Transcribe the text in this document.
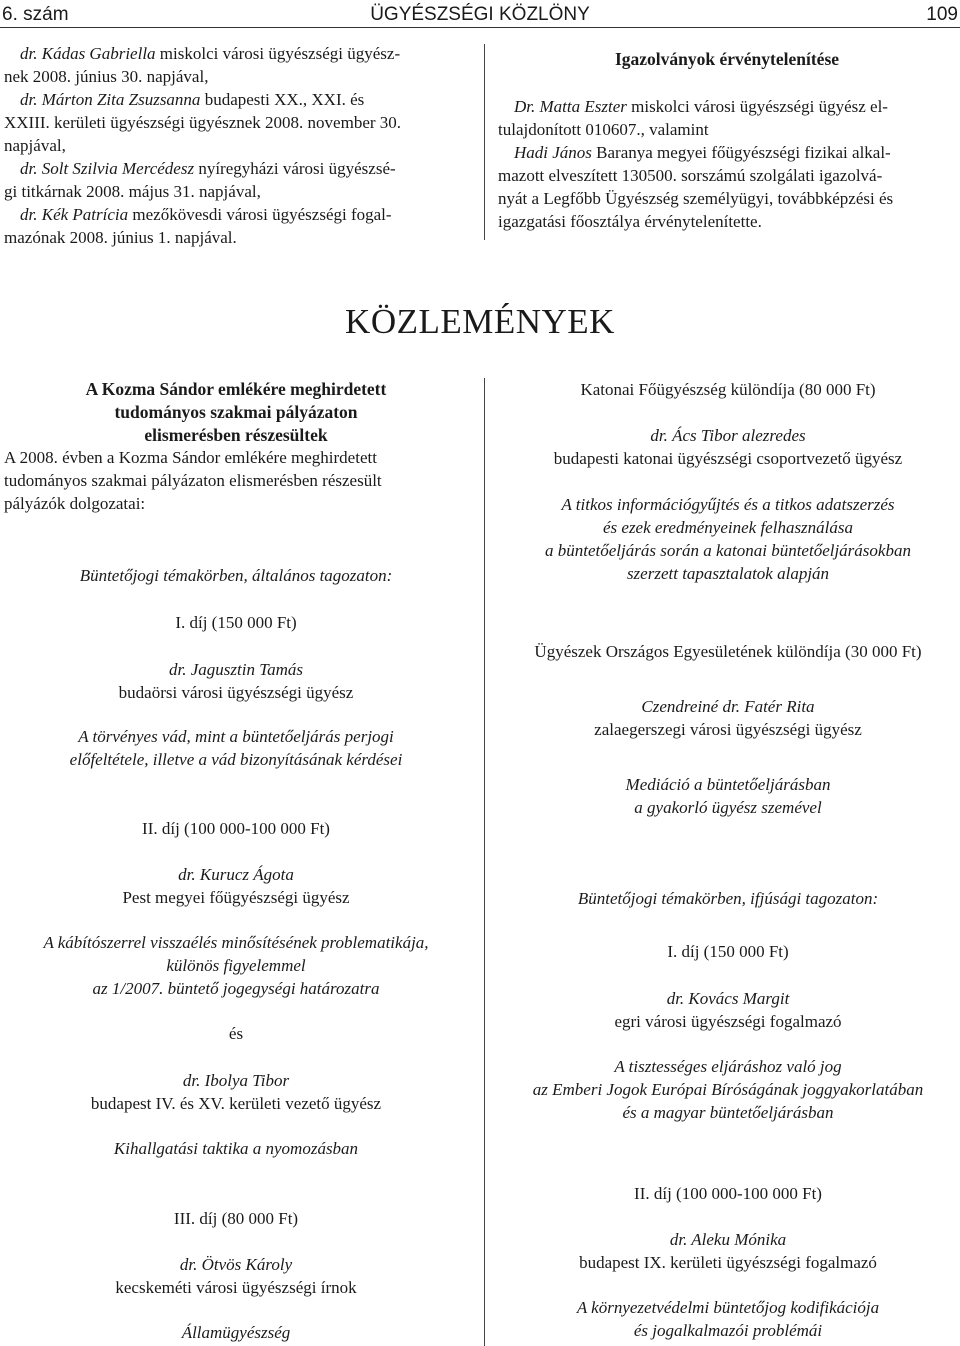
6. szám	ÜGYÉSZSÉGI KÖZLÖNY	109

dr. Kádas Gabriella miskolci városi ügyészségi ügyész-

nek 2008. június 30. napjával,

dr. Márton Zita Zsuzsanna budapesti XX., XXI. és

XXIII. kerületi ügyészségi ügyésznek 2008. november 30.

napjával,

dr. Solt Szilvia Mercédesz nyíregyházi városi ügyészsé-

gi titkárnak 2008. május 31. napjával,

dr. Kék Patrícia mezőkövesdi városi ügyészségi fogal-

mazónak 2008. június 1. napjával.

Igazolványok érvénytelenítése

Dr. Matta Eszter miskolci városi ügyészségi ügyész el-

tulajdonított 010607., valamint

Hadi János Baranya megyei főügyészségi fizikai alkal-

mazott elveszített 130500. sorszámú szolgálati igazolvá-

nyát a Legfőbb Ügyészség személyügyi, továbbképzési és

igazgatási főosztálya érvénytelenítette.

KÖZLEMÉNYEK

A Kozma Sándor emlékére meghirdetett

tudományos szakmai pályázaton

elismerésben részesültek

A 2008. évben a Kozma Sándor emlékére meghirdetett

tudományos szakmai pályázaton elismerésben részesült

pályázók dolgozatai:

Büntetőjogi témakörben, általános tagozaton:

I. díj (150 000 Ft)

dr. Jagusztin Tamás

budaörsi városi ügyészségi ügyész

A törvényes vád, mint a büntetőeljárás perjogi

előfeltétele, illetve a vád bizonyításának kérdései

II. díj (100 000-100 000 Ft)

dr. Kurucz Ágota

Pest megyei főügyészségi ügyész

A kábítószerrel visszaélés minősítésének problematikája,

különös figyelemmel

az 1/2007. büntető jogegységi határozatra

és

dr. Ibolya Tibor

budapest IV. és XV. kerületi vezető ügyész

Kihallgatási taktika a nyomozásban

III. díj (80 000 Ft)

dr. Ötvös Károly

kecskeméti városi ügyészségi írnok

Államügyészség

Katonai Főügyészség különdíja (80 000 Ft)

dr. Ács Tibor alezredes

budapesti katonai ügyészségi csoportvezető ügyész

A titkos információgyűjtés és a titkos adatszerzés

és ezek eredményeinek felhasználása

a büntetőeljárás során a katonai büntetőeljárásokban

szerzett tapasztalatok alapján

Ügyészek Országos Egyesületének különdíja (30 000 Ft)

Czendreiné dr. Fatér Rita

zalaegerszegi városi ügyészségi ügyész

Mediáció a büntetőeljárásban

a gyakorló ügyész szemével

Büntetőjogi témakörben, ifjúsági tagozaton:

I. díj (150 000 Ft)

dr. Kovács Margit

egri városi ügyészségi fogalmazó

A tisztességes eljáráshoz való jog

az Emberi Jogok Európai Bíróságának joggyakorlatában

és a magyar büntetőeljárásban

II. díj (100 000-100 000 Ft)

dr. Aleku Mónika

budapest IX. kerületi ügyészségi fogalmazó

A környezetvédelmi büntetőjog kodifikációja

és jogalkalmazói problémái
